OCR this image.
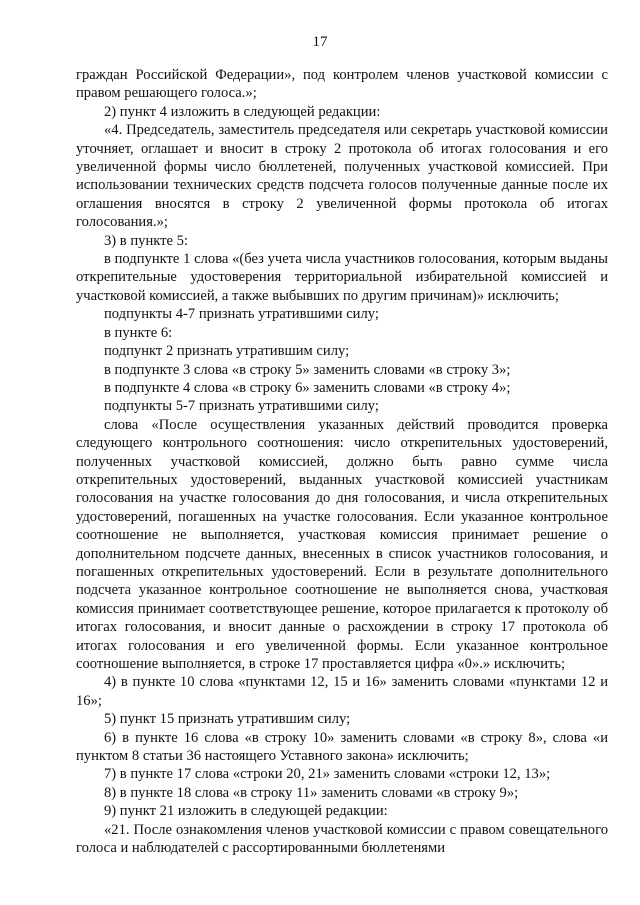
17

граждан Российской Федерации», под контролем членов участковой комиссии с правом решающего голоса.»;

2) пункт 4 изложить в следующей редакции:

«4. Председатель, заместитель председателя или секретарь участковой комиссии уточняет, оглашает и вносит в строку 2 протокола об итогах голосования и его увеличенной формы число бюллетеней, полученных участковой комиссией. При использовании технических средств подсчета голосов полученные данные после их оглашения вносятся в строку 2 увеличенной формы протокола об итогах голосования.»;

3) в пункте 5:

в подпункте 1 слова «(без учета числа участников голосования, которым выданы открепительные удостоверения территориальной избирательной комиссией и участковой комиссией, а также выбывших по другим причинам)» исключить;

подпункты 4-7 признать утратившими силу;

в пункте 6:

подпункт 2 признать утратившим силу;

в подпункте 3 слова «в строку 5» заменить словами «в строку 3»;

в подпункте 4 слова «в строку 6» заменить словами «в строку 4»;

подпункты 5-7 признать утратившими силу;

слова «После осуществления указанных действий проводится проверка следующего контрольного соотношения: число открепительных удостоверений, полученных участковой комиссией, должно быть равно сумме числа открепительных удостоверений, выданных участковой комиссией участникам голосования на участке голосования до дня голосования, и числа открепительных удостоверений, погашенных на участке голосования. Если указанное контрольное соотношение не выполняется, участковая комиссия принимает решение о дополнительном подсчете данных, внесенных в список участников голосования, и погашенных открепительных удостоверений. Если в результате дополнительного подсчета указанное контрольное соотношение не выполняется снова, участковая комиссия принимает соответствующее решение, которое прилагается к протоколу об итогах голосования, и вносит данные о расхождении в строку 17 протокола об итогах голосования и его увеличенной формы. Если указанное контрольное соотношение выполняется, в строке 17 проставляется цифра «0».» исключить;

4) в пункте 10 слова «пунктами 12, 15 и 16» заменить словами «пунктами 12 и 16»;

5) пункт 15 признать утратившим силу;

6) в пункте 16 слова «в строку 10» заменить словами «в строку 8», слова «и пунктом 8 статьи 36 настоящего Уставного закона» исключить;

7) в пункте 17 слова «строки 20, 21» заменить словами «строки 12, 13»;

8) в пункте 18 слова «в строку 11» заменить словами «в строку 9»;

9) пункт 21 изложить в следующей редакции:

«21. После ознакомления членов участковой комиссии с правом совещательного голоса и наблюдателей с рассортированными бюллетенями
